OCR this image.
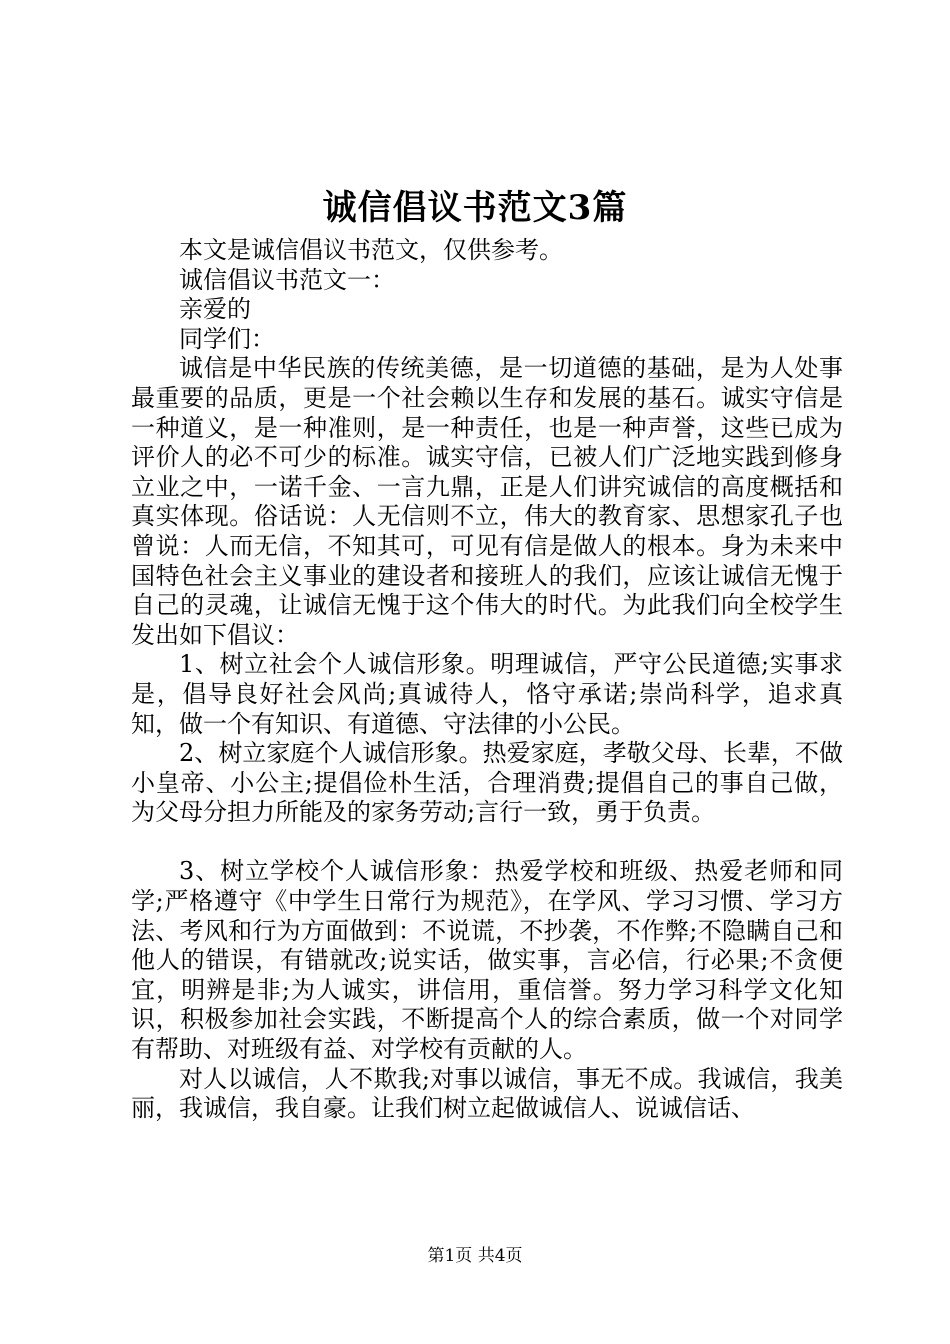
诚信倡议书范文3篇

本文是诚信倡议书范文，仅供参考。

诚信倡议书范文一：

亲爱的

同学们：

诚信是中华民族的传统美德，是一切道德的基础，是为人处事最重要的品质，更是一个社会赖以生存和发展的基石。诚实守信是一种道义，是一种准则，是一种责任，也是一种声誉，这些已成为评价人的必不可少的标准。诚实守信，已被人们广泛地实践到修身立业之中，一诺千金、一言九鼎，正是人们讲究诚信的高度概括和真实体现。俗话说：人无信则不立，伟大的教育家、思想家孔子也曾说：人而无信，不知其可，可见有信是做人的根本。身为未来中国特色社会主义事业的建设者和接班人的我们，应该让诚信无愧于自己的灵魂，让诚信无愧于这个伟大的时代。为此我们向全校学生发出如下倡议：

1、树立社会个人诚信形象。明理诚信，严守公民道德;实事求是，倡导良好社会风尚;真诚待人，恪守承诺;崇尚科学，追求真知，做一个有知识、有道德、守法律的小公民。

2、树立家庭个人诚信形象。热爱家庭，孝敬父母、长辈，不做小皇帝、小公主;提倡俭朴生活，合理消费;提倡自己的事自己做，为父母分担力所能及的家务劳动;言行一致，勇于负责。

3、树立学校个人诚信形象：热爱学校和班级、热爱老师和同学;严格遵守《中学生日常行为规范》，在学风、学习习惯、学习方法、考风和行为方面做到：不说谎，不抄袭，不作弊;不隐瞒自己和他人的错误，有错就改;说实话，做实事，言必信，行必果;不贪便宜，明辨是非;为人诚实，讲信用，重信誉。努力学习科学文化知识，积极参加社会实践，不断提高个人的综合素质，做一个对同学有帮助、对班级有益、对学校有贡献的人。

对人以诚信，人不欺我;对事以诚信，事无不成。我诚信，我美丽，我诚信，我自豪。让我们树立起做诚信人、说诚信话、

第1页 共4页
